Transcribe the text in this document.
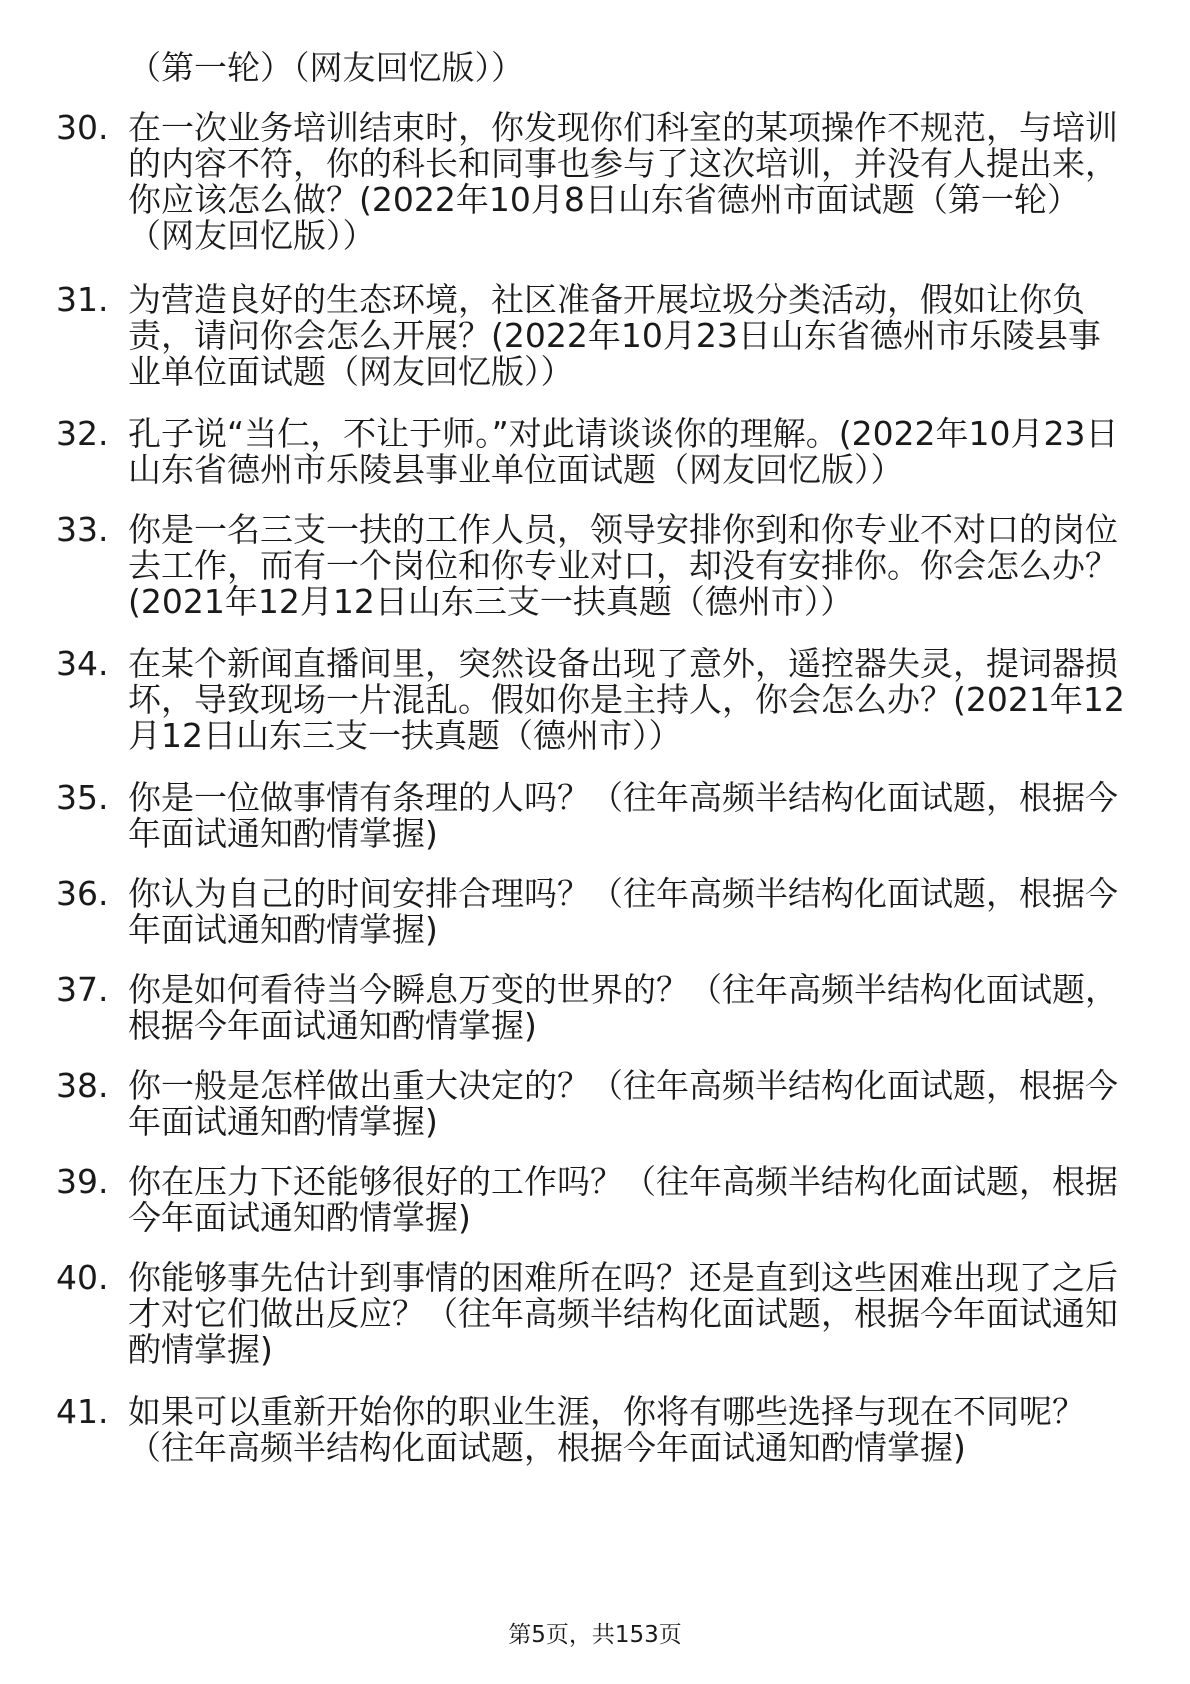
（第一轮）（网友回忆版））

30. 在一次业务培训结束时，你发现你们科室的某项操作不规范，与培训的内容不符，你的科长和同事也参与了这次培训，并没有人提出来，你应该怎么做？(2022年10月8日山东省德州市面试题（第一轮）（网友回忆版））
31. 为营造良好的生态环境，社区准备开展垃圾分类活动，假如让你负责，请问你会怎么开展？(2022年10月23日山东省德州市乐陵县事业单位面试题（网友回忆版））
32. 孔子说“当仁，不让于师。”对此请谈谈你的理解。(2022年10月23日山东省德州市乐陵县事业单位面试题（网友回忆版））
33. 你是一名三支一扶的工作人员，领导安排你到和你专业不对口的岗位去工作，而有一个岗位和你专业对口，却没有安排你。你会怎么办？(2021年12月12日山东三支一扶真题（德州市））
34. 在某个新闻直播间里，突然设备出现了意外，遥控器失灵，提词器损坏，导致现场一片混乱。假如你是主持人，你会怎么办？(2021年12月12日山东三支一扶真题（德州市））
35. 你是一位做事情有条理的人吗？（往年高频半结构化面试题，根据今年面试通知酌情掌握)
36. 你认为自己的时间安排合理吗？（往年高频半结构化面试题，根据今年面试通知酌情掌握)
37. 你是如何看待当今瞬息万变的世界的？（往年高频半结构化面试题，根据今年面试通知酌情掌握)
38. 你一般是怎样做出重大决定的？（往年高频半结构化面试题，根据今年面试通知酌情掌握)
39. 你在压力下还能够很好的工作吗？（往年高频半结构化面试题，根据今年面试通知酌情掌握)
40. 你能够事先估计到事情的困难所在吗？还是直到这些困难出现了之后才对它们做出反应？（往年高频半结构化面试题，根据今年面试通知酌情掌握)
41. 如果可以重新开始你的职业生涯，你将有哪些选择与现在不同呢？（往年高频半结构化面试题，根据今年面试通知酌情掌握)
第5页，共153页
